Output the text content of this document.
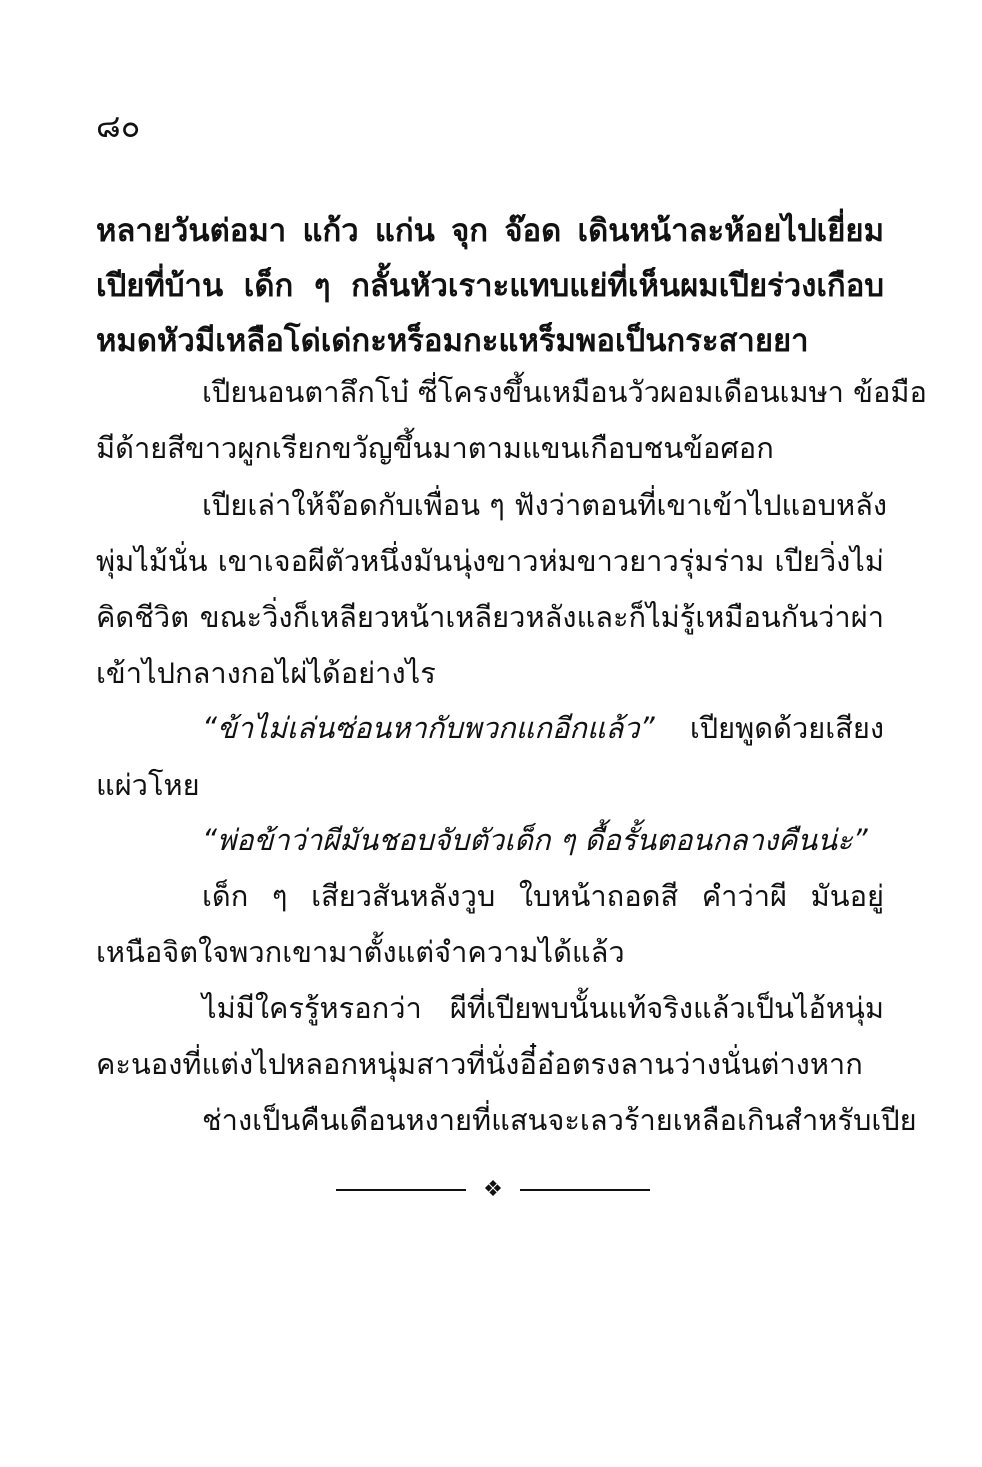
๘๐
หลายวันต่อมา แก้ว แก่น จุก จ๊อด เดินหน้าละห้อยไปเยี่ยม
เปียที่บ้าน เด็ก ๆ กลั้นหัวเราะแทบแย่ที่เห็นผมเปียร่วงเกือบ
หมดหัวมีเหลือโด่เด่กะหร็อมกะแหร็มพอเป็นกระสายยา
เปียนอนตาลึกโบ๋ ซี่โครงขึ้นเหมือนวัวผอมเดือนเมษา ข้อมือ
มีด้ายสีขาวผูกเรียกขวัญขึ้นมาตามแขนเกือบชนข้อศอก
เปียเล่าให้จ๊อดกับเพื่อน ๆ ฟังว่าตอนที่เขาเข้าไปแอบหลัง
พุ่มไม้นั่น เขาเจอผีตัวหนึ่งมันนุ่งขาวห่มขาวยาวรุ่มร่าม เปียวิ่งไม่
คิดชีวิต ขณะวิ่งก็เหลียวหน้าเหลียวหลังและก็ไม่รู้เหมือนกันว่าผ่า
เข้าไปกลางกอไผ่ได้อย่างไร
“ข้าไม่เล่นซ่อนหากับพวกแกอีกแล้ว” เปียพูดด้วยเสียง
แผ่วโหย
“พ่อข้าว่าผีมันชอบจับตัวเด็ก ๆ ดื้อรั้นตอนกลางคืนน่ะ”
เด็ก ๆ เสียวสันหลังวูบ ใบหน้าถอดสี คำว่าผี มันอยู่
เหนือจิตใจพวกเขามาตั้งแต่จำความได้แล้ว
ไม่มีใครรู้หรอกว่า ผีที่เปียพบนั้นแท้จริงแล้วเป็นไอ้หนุ่ม
คะนองที่แต่งไปหลอกหนุ่มสาวที่นั่งอี๋อ๋อตรงลานว่างนั่นต่างหาก
ช่างเป็นคืนเดือนหงายที่แสนจะเลวร้ายเหลือเกินสำหรับเปีย
❖
